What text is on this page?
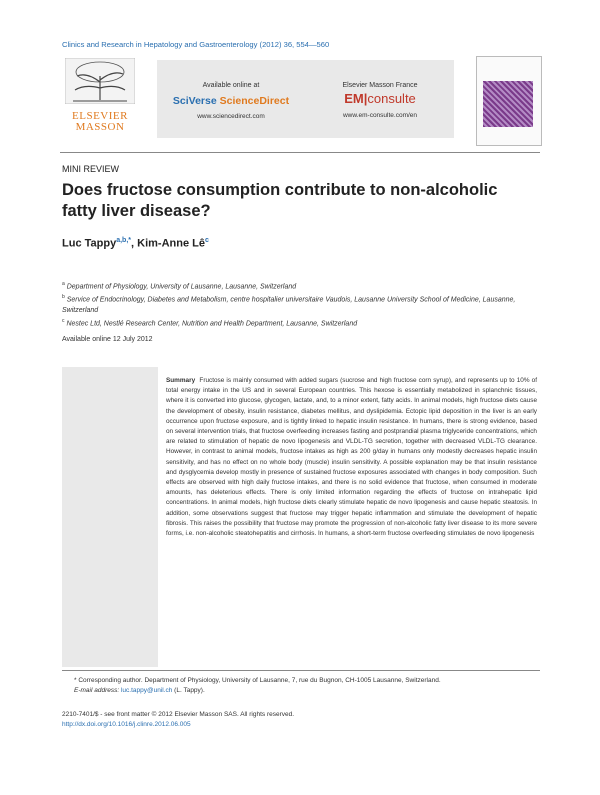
Clinics and Research in Hepatology and Gastroenterology (2012) 36, 554—560
ELSEVIER
MASSON
Available online at
SciVerse ScienceDirect
www.sciencedirect.com
Elsevier Masson France
EM|consulte
www.em-consulte.com/en
MINI REVIEW
Does fructose consumption contribute to non-alcoholic fatty liver disease?
Luc Tappy$^{a,b,*}$, Kim-Anne $Lê^c$
$^a$ Department of Physiology, University of Lausanne, Lausanne, Switzerland
$^b$ Service of Endocrinology, Diabetes and Metabolism, centre hospitalier universitaire Vaudois, Lausanne University School of Medicine, Lausanne, Switzerland
$^c$ Nestec Ltd, Nestlé Research Center, Nutrition and Health Department, Lausanne, Switzerland
Available online 12 July 2012
Summary Fructose is mainly consumed with added sugars (sucrose and high fructose corn syrup), and represents up to 10% of total energy intake in the US and in several European countries. This hexose is essentially metabolized in splanchnic tissues, where it is converted into glucose, glycogen, lactate, and, to a minor extent, fatty acids. In animal models, high fructose diets cause the development of obesity, insulin resistance, diabetes mellitus, and dyslipidemia. Ectopic lipid deposition in the liver is an early occurrence upon fructose exposure, and is tightly linked to hepatic insulin resistance. In humans, there is strong evidence, based on several intervention trials, that fructose overfeeding increases fasting and postprandial plasma triglyceride concentrations, which are related to stimulation of hepatic de novo lipogenesis and VLDL-TG secretion, together with decreased VLDL-TG clearance. However, in contrast to animal models, fructose intakes as high as 200 g/day in humans only modestly decreases hepatic insulin sensitivity, and has no effect on no whole body (muscle) insulin sensitivity. A possible explanation may be that insulin resistance and dysglycemia develop mostly in presence of sustained fructose exposures associated with changes in body composition. Such effects are observed with high daily fructose intakes, and there is no solid evidence that fructose, when consumed in moderate amounts, has deleterious effects. There is only limited information regarding the effects of fructose on intrahepatic lipid concentrations. In animal models, high fructose diets clearly stimulate hepatic de novo lipogenesis and cause hepatic steatosis. In addition, some observations suggest that fructose may trigger hepatic inflammation and stimulate the development of hepatic fibrosis. This raises the possibility that fructose may promote the progression of non-alcoholic fatty liver disease to its more severe forms, i.e. non-alcoholic steatohepatitis and cirrhosis. In humans, a short-term fructose overfeeding stimulates de novo lipogenesis
* Corresponding author. Department of Physiology, University of Lausanne, 7, rue du Bugnon, CH-1005 Lausanne, Switzerland.
E-mail address: luc.tappy@unil.ch (L. Tappy).
2210-7401/$ - see front matter © 2012 Elsevier Masson SAS. All rights reserved.
http://dx.doi.org/10.1016/j.clinre.2012.06.005
